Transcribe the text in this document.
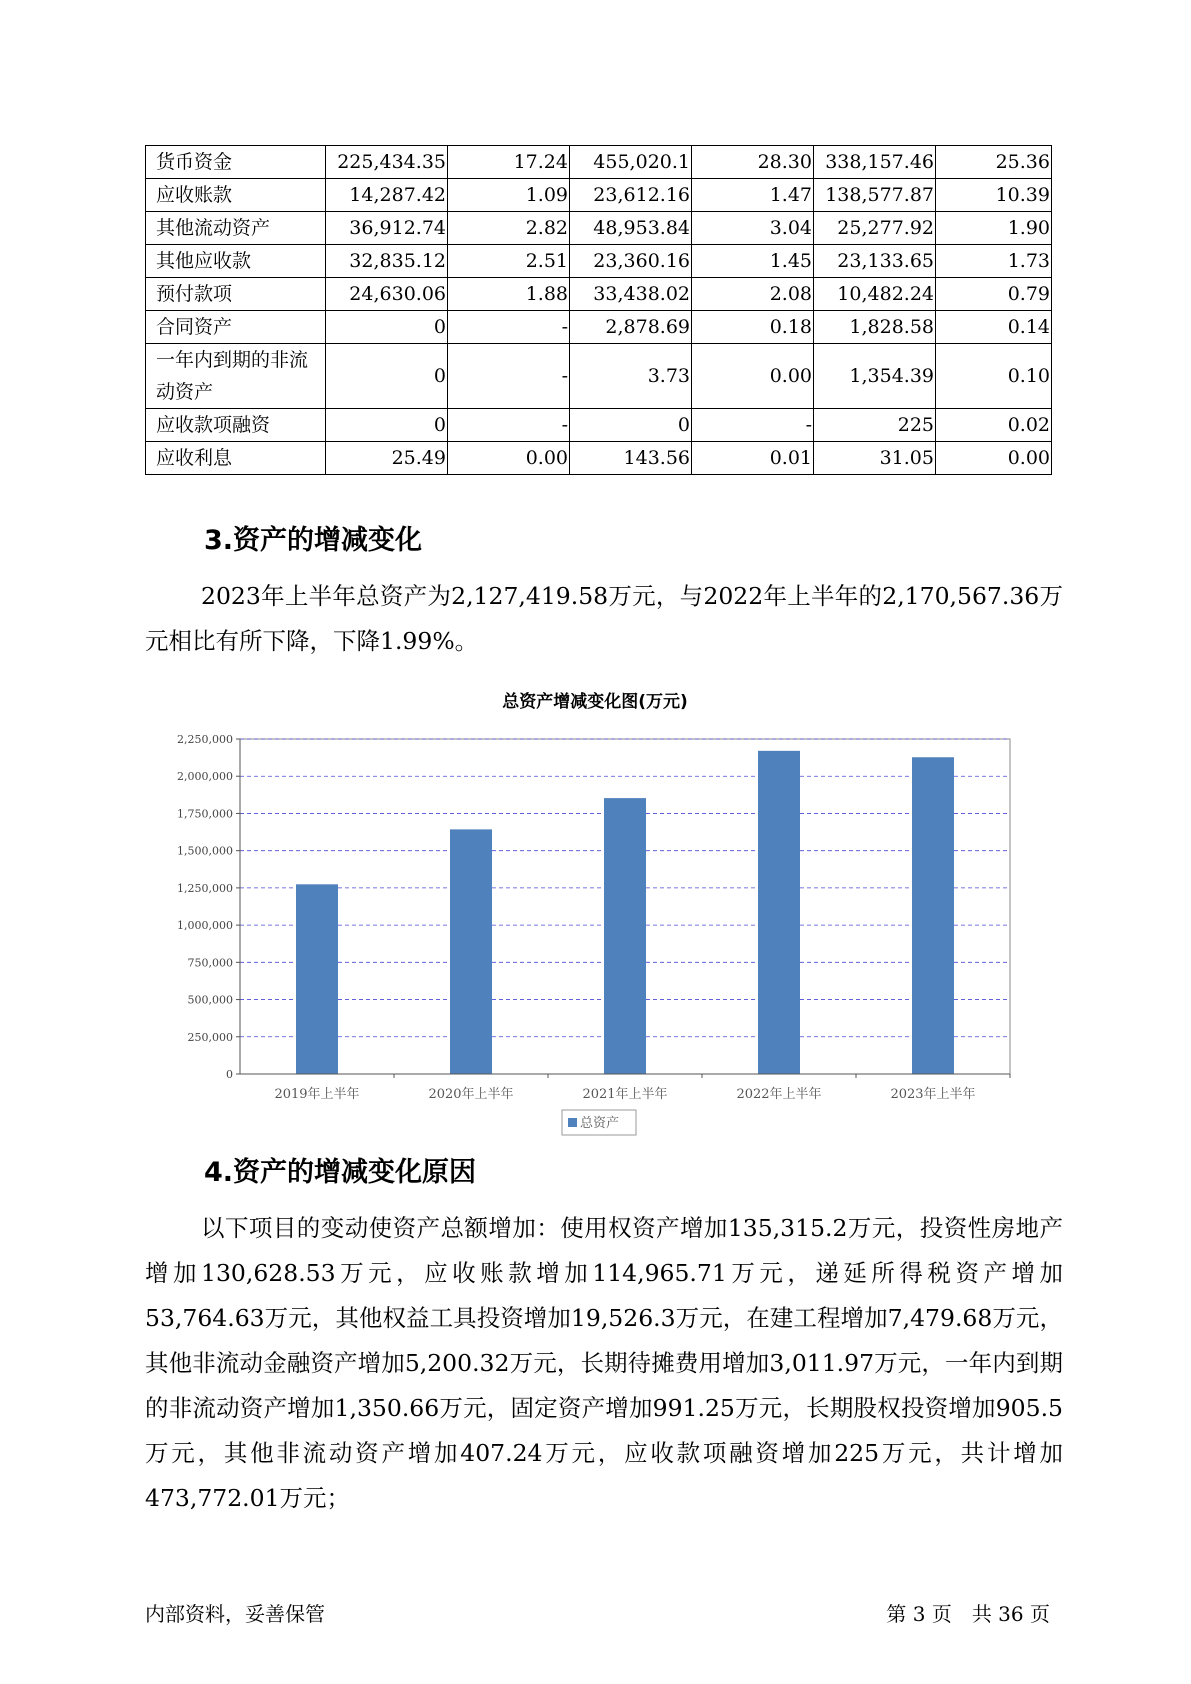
货币资金	225,434.35	17.24	455,020.1	28.30	338,157.46	25.36
应收账款	14,287.42	1.09	23,612.16	1.47	138,577.87	10.39
其他流动资产	36,912.74	2.82	48,953.84	3.04	25,277.92	1.90
其他应收款	32,835.12	2.51	23,360.16	1.45	23,133.65	1.73
预付款项	24,630.06	1.88	33,438.02	2.08	10,482.24	0.79
合同资产	0	-	2,878.69	0.18	1,828.58	0.14
一年内到期的非流动资产	0	-	3.73	0.00	1,354.39	0.10
应收款项融资	0	-	0	-	225	0.02
应收利息	25.49	0.00	143.56	0.01	31.05	0.00
3.资产的增减变化

2023年上半年总资产为2,127,419.58万元，与2022年上半年的2,170,567.36万元相比有所下降，下降1.99%。

总资产增减变化图(万元)
0
250,000
500,000
750,000
1,000,000
1,250,000
1,500,000
1,750,000
2,000,000
2,250,000
2019年上半年	2020年上半年	2021年上半年	2022年上半年	2023年上半年
总资产
4.资产的增减变化原因

以下项目的变动使资产总额增加：使用权资产增加135,315.2万元，投资性房地产增加130,628.53万元，应收账款增加114,965.71万元，递延所得税资产增加53,764.63万元，其他权益工具投资增加19,526.3万元，在建工程增加7,479.68万元，其他非流动金融资产增加5,200.32万元，长期待摊费用增加3,011.97万元，一年内到期的非流动资产增加1,350.66万元，固定资产增加991.25万元，长期股权投资增加905.5万元，其他非流动资产增加407.24万元，应收款项融资增加225万元，共计增加473,772.01万元；

内部资料，妥善保管	第 3 页　共 36 页
